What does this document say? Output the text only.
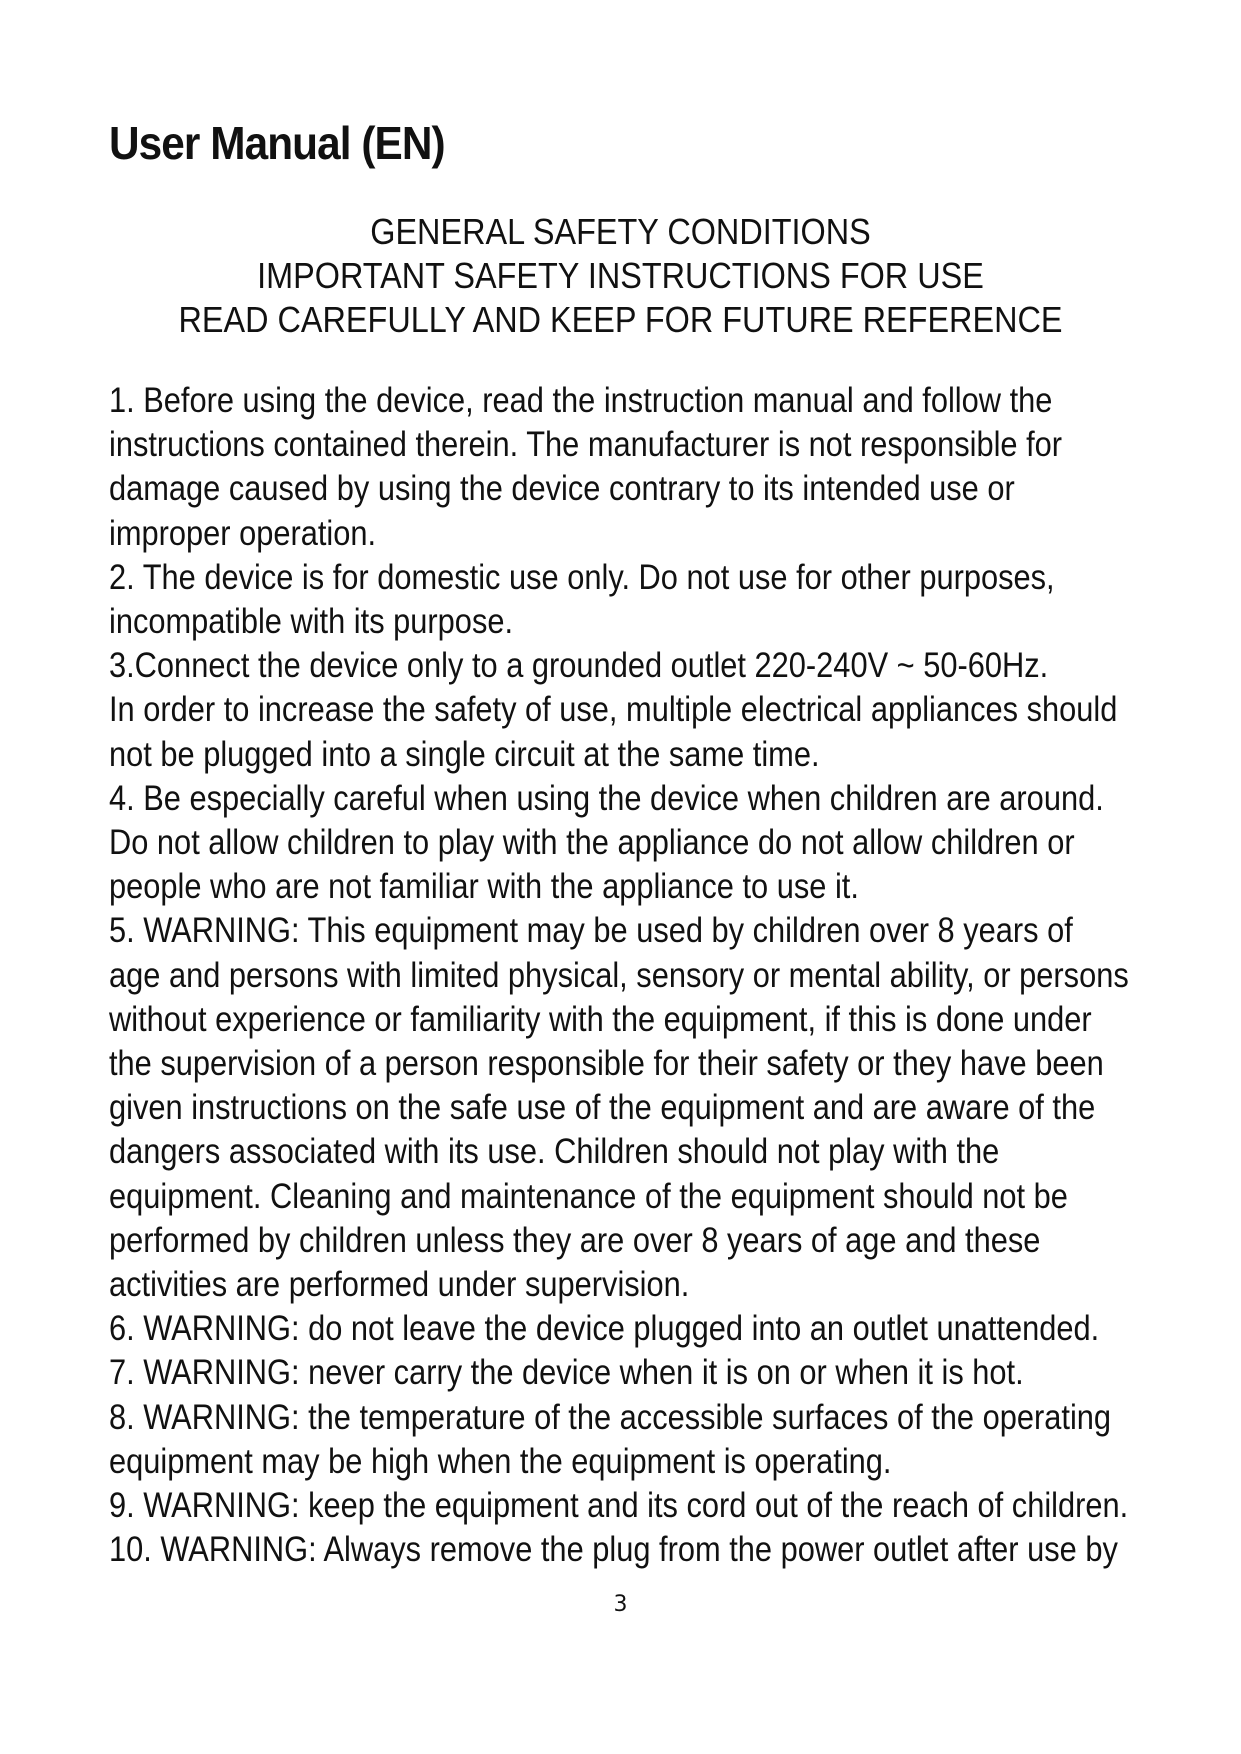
User Manual (EN)
GENERAL SAFETY CONDITIONS
IMPORTANT SAFETY INSTRUCTIONS FOR USE
READ CAREFULLY AND KEEP FOR FUTURE REFERENCE
1. Before using the device, read the instruction manual and follow the
instructions contained therein. The manufacturer is not responsible for
damage caused by using the device contrary to its intended use or
improper operation.
2. The device is for domestic use only. Do not use for other purposes,
incompatible with its purpose.
3.Connect the device only to a grounded outlet 220-240V ~ 50-60Hz.
In order to increase the safety of use, multiple electrical appliances should
not be plugged into a single circuit at the same time.
4. Be especially careful when using the device when children are around.
Do not allow children to play with the appliance do not allow children or
people who are not familiar with the appliance to use it.
5. WARNING: This equipment may be used by children over 8 years of
age and persons with limited physical, sensory or mental ability, or persons
without experience or familiarity with the equipment, if this is done under
the supervision of a person responsible for their safety or they have been
given instructions on the safe use of the equipment and are aware of the
dangers associated with its use. Children should not play with the
equipment. Cleaning and maintenance of the equipment should not be
performed by children unless they are over 8 years of age and these
activities are performed under supervision.
6. WARNING: do not leave the device plugged into an outlet unattended.
7. WARNING: never carry the device when it is on or when it is hot.
8. WARNING: the temperature of the accessible surfaces of the operating
equipment may be high when the equipment is operating.
9. WARNING: keep the equipment and its cord out of the reach of children.
10. WARNING: Always remove the plug from the power outlet after use by
3
